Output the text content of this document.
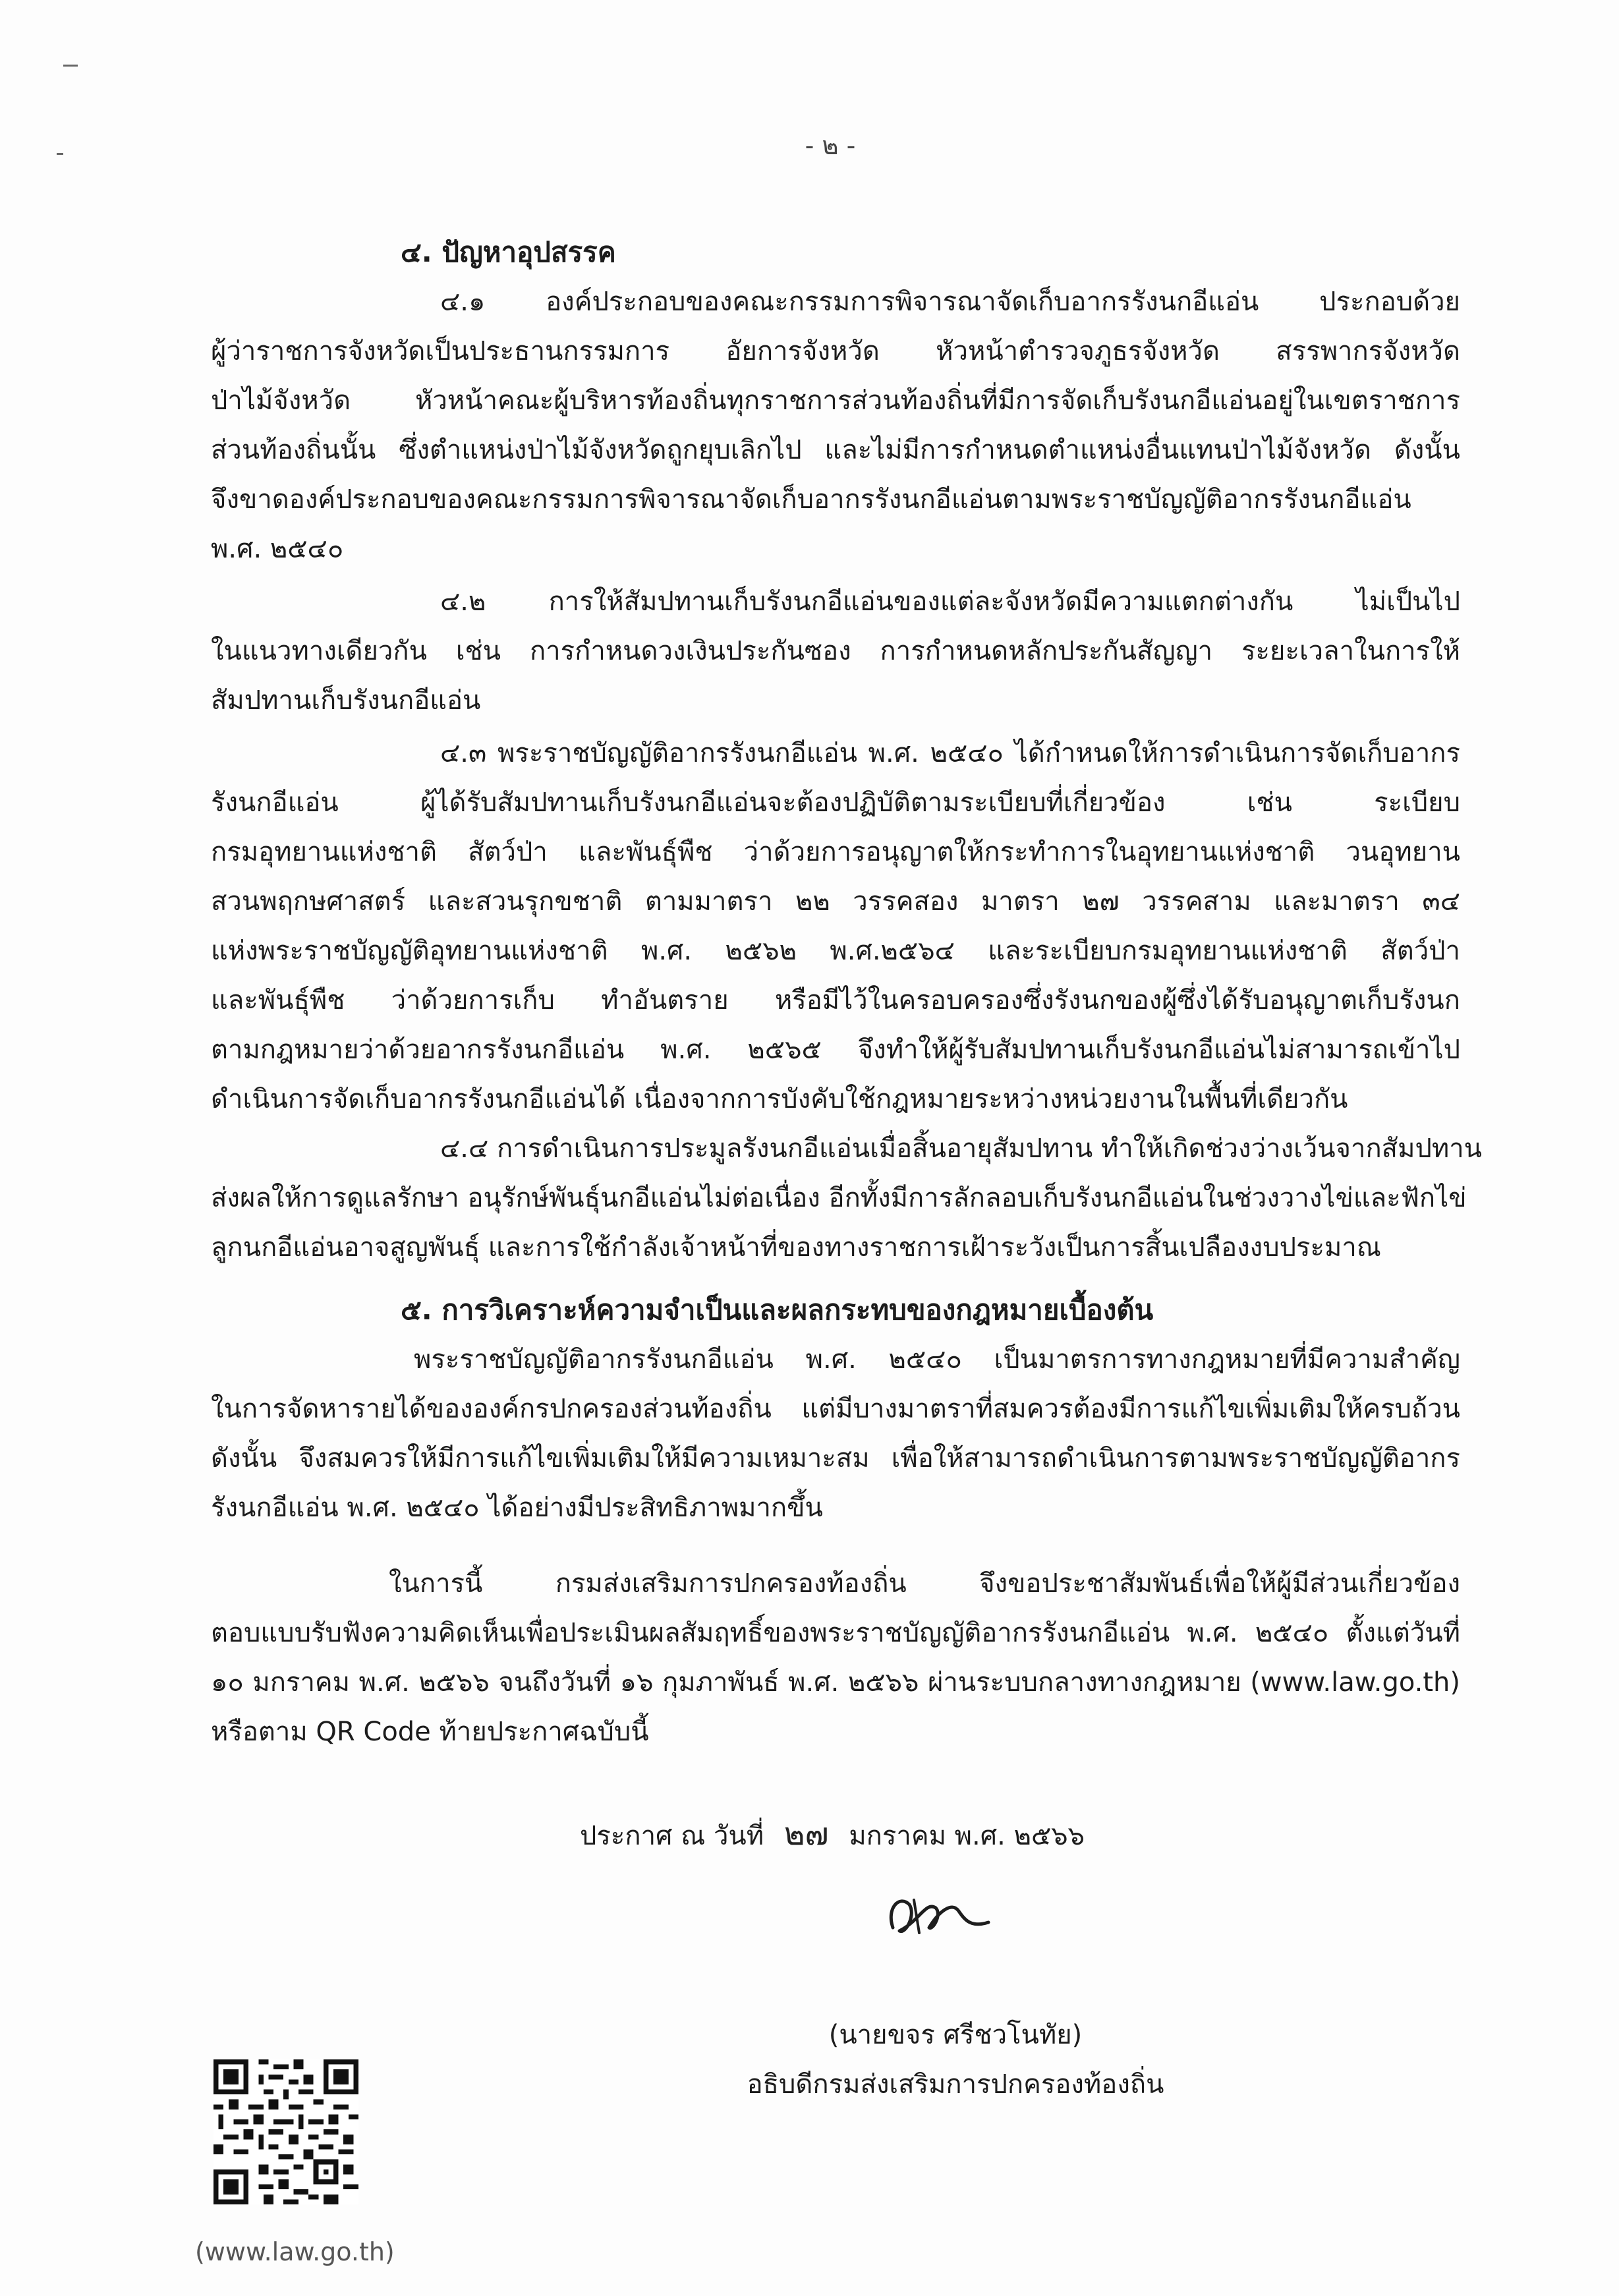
- ๒ -
๔. ปัญหาอุปสรรค
๔.๑ องค์ประกอบของคณะกรรมการพิจารณาจัดเก็บอากรรังนกอีแอ่น ประกอบด้วย
ผู้ว่าราชการจังหวัดเป็นประธานกรรมการ อัยการจังหวัด หัวหน้าตำรวจภูธรจังหวัด สรรพากรจังหวัด
ป่าไม้จังหวัด หัวหน้าคณะผู้บริหารท้องถิ่นทุกราชการส่วนท้องถิ่นที่มีการจัดเก็บรังนกอีแอ่นอยู่ในเขตราชการ
ส่วนท้องถิ่นนั้น ซึ่งตำแหน่งป่าไม้จังหวัดถูกยุบเลิกไป และไม่มีการกำหนดตำแหน่งอื่นแทนป่าไม้จังหวัด ดังนั้น
จึงขาดองค์ประกอบของคณะกรรมการพิจารณาจัดเก็บอากรรังนกอีแอ่นตามพระราชบัญญัติอากรรังนกอีแอ่น
พ.ศ. ๒๕๔๐
๔.๒ การให้สัมปทานเก็บรังนกอีแอ่นของแต่ละจังหวัดมีความแตกต่างกัน ไม่เป็นไป
ในแนวทางเดียวกัน เช่น การกำหนดวงเงินประกันซอง การกำหนดหลักประกันสัญญา ระยะเวลาในการให้
สัมปทานเก็บรังนกอีแอ่น
๔.๓ พระราชบัญญัติอากรรังนกอีแอ่น พ.ศ. ๒๕๔๐ ได้กำหนดให้การดำเนินการจัดเก็บอากร
รังนกอีแอ่น ผู้ได้รับสัมปทานเก็บรังนกอีแอ่นจะต้องปฏิบัติตามระเบียบที่เกี่ยวข้อง เช่น ระเบียบ
กรมอุทยานแห่งชาติ สัตว์ป่า และพันธุ์พืช ว่าด้วยการอนุญาตให้กระทำการในอุทยานแห่งชาติ วนอุทยาน
สวนพฤกษศาสตร์ และสวนรุกขชาติ ตามมาตรา ๒๒ วรรคสอง มาตรา ๒๗ วรรคสาม และมาตรา ๓๔
แห่งพระราชบัญญัติอุทยานแห่งชาติ พ.ศ. ๒๕๖๒ พ.ศ.๒๕๖๔ และระเบียบกรมอุทยานแห่งชาติ สัตว์ป่า
และพันธุ์พืช ว่าด้วยการเก็บ ทำอันตราย หรือมีไว้ในครอบครองซึ่งรังนกของผู้ซึ่งได้รับอนุญาตเก็บรังนก
ตามกฎหมายว่าด้วยอากรรังนกอีแอ่น พ.ศ. ๒๕๖๕ จึงทำให้ผู้รับสัมปทานเก็บรังนกอีแอ่นไม่สามารถเข้าไป
ดำเนินการจัดเก็บอากรรังนกอีแอ่นได้ เนื่องจากการบังคับใช้กฎหมายระหว่างหน่วยงานในพื้นที่เดียวกัน
๔.๔ การดำเนินการประมูลรังนกอีแอ่นเมื่อสิ้นอายุสัมปทาน ทำให้เกิดช่วงว่างเว้นจากสัมปทาน
ส่งผลให้การดูแลรักษา อนุรักษ์พันธุ์นกอีแอ่นไม่ต่อเนื่อง อีกทั้งมีการลักลอบเก็บรังนกอีแอ่นในช่วงวางไข่และฟักไข่
ลูกนกอีแอ่นอาจสูญพันธุ์ และการใช้กำลังเจ้าหน้าที่ของทางราชการเฝ้าระวังเป็นการสิ้นเปลืองงบประมาณ
๕. การวิเคราะห์ความจำเป็นและผลกระทบของกฎหมายเบื้องต้น
พระราชบัญญัติอากรรังนกอีแอ่น พ.ศ. ๒๕๔๐ เป็นมาตรการทางกฎหมายที่มีความสำคัญ
ในการจัดหารายได้ขององค์กรปกครองส่วนท้องถิ่น แต่มีบางมาตราที่สมควรต้องมีการแก้ไขเพิ่มเติมให้ครบถ้วน
ดังนั้น จึงสมควรให้มีการแก้ไขเพิ่มเติมให้มีความเหมาะสม เพื่อให้สามารถดำเนินการตามพระราชบัญญัติอากร
รังนกอีแอ่น พ.ศ. ๒๕๔๐ ได้อย่างมีประสิทธิภาพมากขึ้น
ในการนี้ กรมส่งเสริมการปกครองท้องถิ่น จึงขอประชาสัมพันธ์เพื่อให้ผู้มีส่วนเกี่ยวข้อง
ตอบแบบรับฟังความคิดเห็นเพื่อประเมินผลสัมฤทธิ์ของพระราชบัญญัติอากรรังนกอีแอ่น พ.ศ. ๒๕๔๐ ตั้งแต่วันที่
๑๐ มกราคม พ.ศ. ๒๕๖๖ จนถึงวันที่ ๑๖ กุมภาพันธ์ พ.ศ. ๒๕๖๖ ผ่านระบบกลางทางกฎหมาย (www.law.go.th)
หรือตาม QR Code ท้ายประกาศฉบับนี้
ประกาศ ณ วันที่ ๒๗ มกราคม พ.ศ. ๒๕๖๖
(นายขจร ศรีชวโนทัย)
อธิบดีกรมส่งเสริมการปกครองท้องถิ่น
(www.law.go.th)
